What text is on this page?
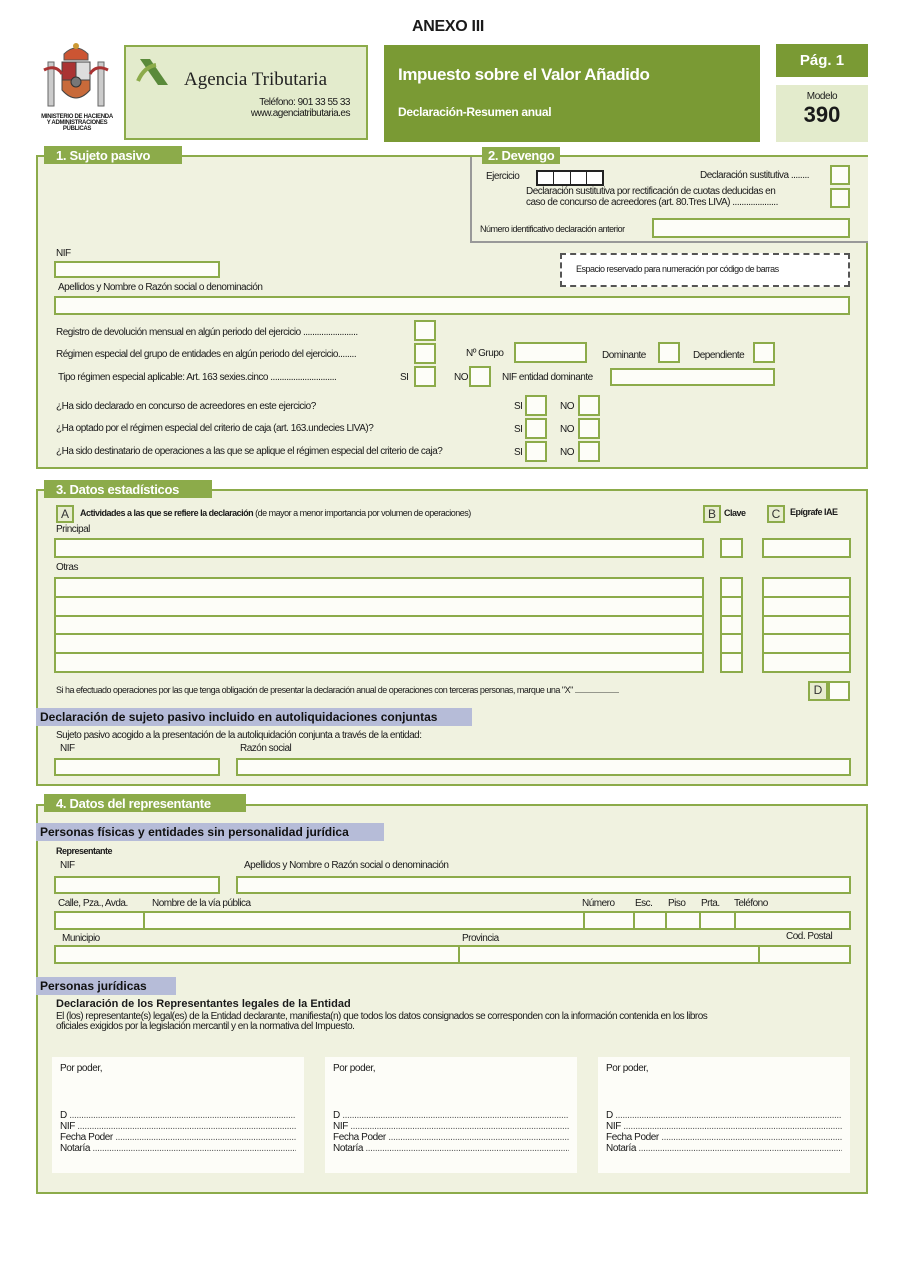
ANEXO III
MINISTERIO DE HACIENDA
Y ADMINISTRACIONES
PÚBLICAS
Agencia Tributaria
Teléfono: 901 33 55 33
www.agenciatributaria.es
Impuesto sobre el Valor Añadido
Declaración-Resumen anual
Pág. 1
Modelo
390
1. Sujeto pasivo	2. Devengo
Ejercicio	Declaración sustitutiva ........
Declaración sustitutiva por rectificación de cuotas deducidas en
caso de concurso de acreedores (art. 80.Tres LIVA) ....................
Número identificativo declaración anterior
Espacio reservado para numeración por código de barras
NIF
Apellidos y Nombre o Razón social o denominación
Registro de devolución mensual en algún periodo del ejercicio ........................
Régimen especial del grupo de entidades en algún periodo del ejercicio........	Nº Grupo	Dominante	Dependiente
Tipo régimen especial aplicable: Art. 163 sexies.cinco .............................	SI	NO	NIF entidad dominante
¿Ha sido declarado en concurso de acreedores en este ejercicio?	SI	NO
¿Ha optado por el régimen especial del criterio de caja (art. 163.undecies LIVA)?	SI	NO
¿Ha sido destinatario de operaciones a las que se aplique el régimen especial del criterio de caja?	SI	NO
3. Datos estadísticos
A	Actividades a las que se refiere la declaración (de mayor a menor importancia por volumen de operaciones)	B Clave	C	Epígrafe IAE
Principal
Otras
Si ha efectuado operaciones por las que tenga obligación de presentar la declaración anual de operaciones con terceras personas, marque una "X" ......................	D
Declaración de sujeto pasivo incluido en autoliquidaciones conjuntas
Sujeto pasivo acogido a la presentación de la autoliquidación conjunta a través de la entidad:
NIF	Razón social
4. Datos del representante
Personas físicas y entidades sin personalidad jurídica
Representante
NIF	Apellidos y Nombre o Razón social o denominación
Calle, Pza., Avda. Nombre de la vía pública	Número Esc. Piso Prta. Teléfono
Municipio	Provincia	Cod. Postal
Personas jurídicas
Declaración de los Representantes legales de la Entidad
El (los) representante(s) legal(es) de la Entidad declarante, manifiesta(n) que todos los datos consignados se corresponden con la información contenida en los libros
oficiales exigidos por la legislación mercantil y en la normativa del Impuesto.
Por poder,
D .....
NIF .....
Fecha Poder .....
Notaría .....
Por poder,
D .....
NIF .....
Fecha Poder .....
Notaría .....
Por poder,
D .....
NIF .....
Fecha Poder .....
Notaría .....
